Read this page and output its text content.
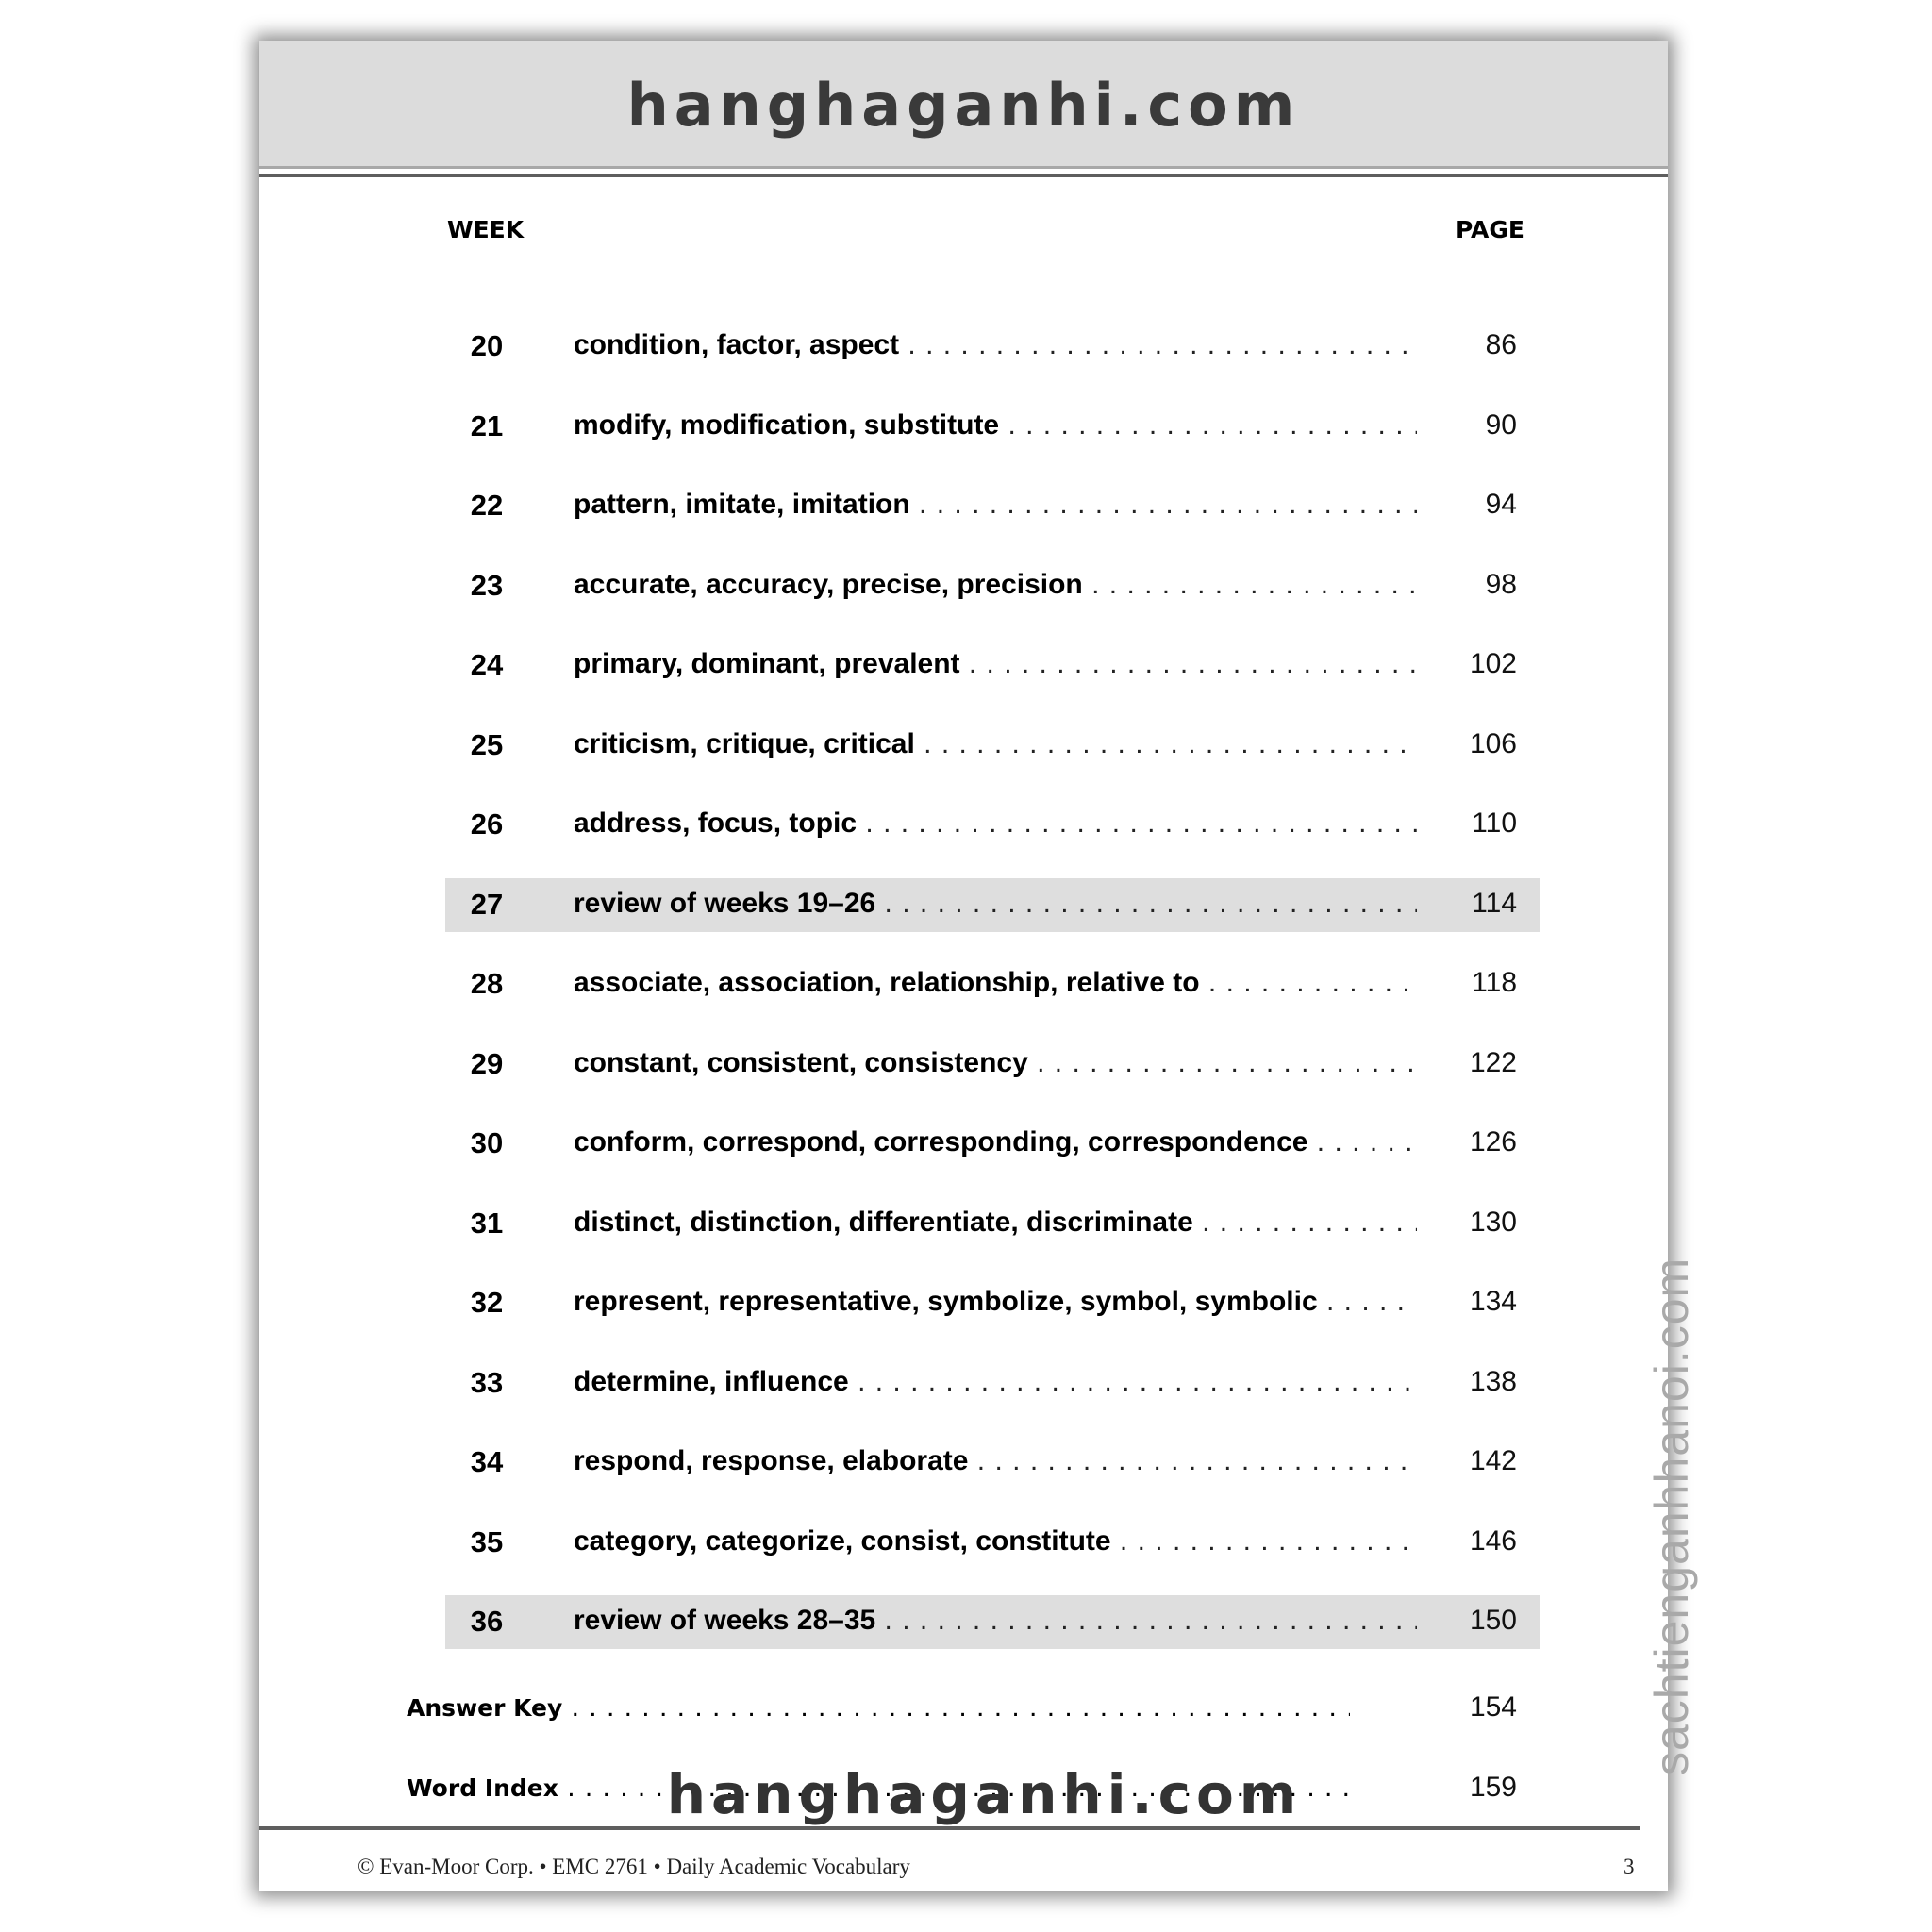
hanghaganhi.com
WEEK	PAGE
20	condition, factor, aspect . . .	86
21	modify, modification, substitute . . .	90
22	pattern, imitate, imitation . . .	94
23	accurate, accuracy, precise, precision . . .	98
24	primary, dominant, prevalent . . .	102
25	criticism, critique, critical . . .	106
26	address, focus, topic . . .	110
27	review of weeks 19–26 . . .	114
28	associate, association, relationship, relative to . . .	118
29	constant, consistent, consistency . . .	122
30	conform, correspond, corresponding, correspondence . . .	126
31	distinct, distinction, differentiate, discriminate . . .	130
32	represent, representative, symbolize, symbol, symbolic . . .	134
33	determine, influence . . .	138
34	respond, response, elaborate . . .	142
35	category, categorize, consist, constitute . . .	146
36	review of weeks 28–35 . . .	150
Answer Key . . .	154
Word Index . . .	159
hanghaganhi.com
© Evan-Moor Corp. • EMC 2761 • Daily Academic Vocabulary	3
sachtienganhhanoi.com
